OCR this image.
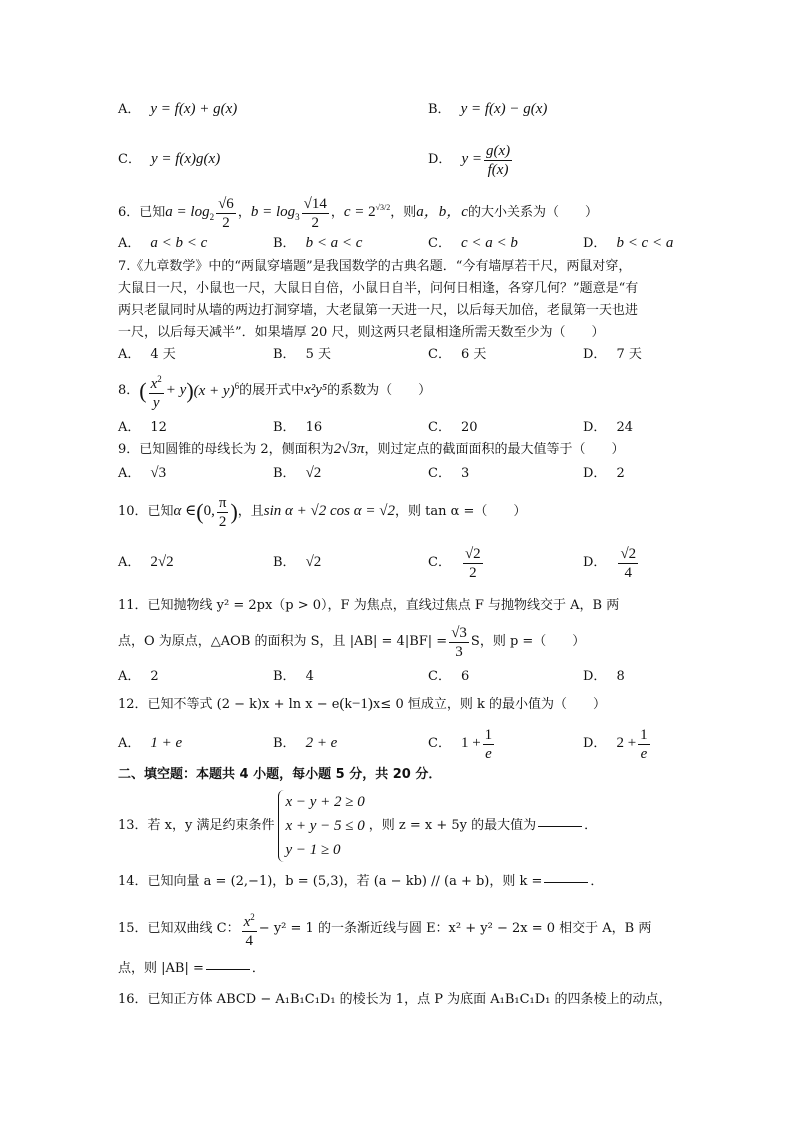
A． y = f(x) + g(x)	B． y = f(x) − g(x)
C． y = f(x)g(x)	D． $y = \frac{g(x)}{f(x)}$
6．已知 $a = \log_2 \frac{√6}{2}$ ， $b = \log_3 \frac{√14}{2}$ ， $c = 2^{√3/2}$ ，则 a，b，c 的大小关系为（　　）
A． a < b < c	B． b < a < c	C． c < a < b	D． b < c < a
7.《九章数学》中的“两鼠穿墙题”是我国数学的古典名题．“今有墙厚若干尺，两鼠对穿，
大鼠日一尺，小鼠也一尺，大鼠日自倍，小鼠日自半，问何日相逢，各穿几何？”题意是“有
两只老鼠同时从墙的两边打洞穿墙，大老鼠第一天进一尺，以后每天加倍，老鼠第一天也进
一尺，以后每天减半”．如果墙厚 20 尺，则这两只老鼠相逢所需天数至少为（　　）
A． 4 天	B． 5 天	C． 6 天	D． 7 天
8． ( $\frac{x^2}{y} + y$ ) $(x + y)^6$ 的展开式中 x²y⁵ 的系数为（　　）
A． 12	B． 16	C． 20	D． 24
9．已知圆锥的母线长为 2，侧面积为 2√3π ，则过定点的截面面积的最大值等于（　　）
A． √3	B． √2	C． 3	D． 2
10．已知 α ∈ ( 0, $\frac{\pi}{2}$ ) ，且 sin α + √2 cos α = √2 ，则 tan α =（　　）
A． 2√2	B． √2	C． $\frac{√2}{2}$	D． $\frac{√2}{4}$
11．已知抛物线 y² = 2px（p > 0），F 为焦点，直线过焦点 F 与抛物线交于 A，B 两
点，O 为原点，△AOB 的面积为 S，且 $|AB| = 4|BF| = \frac{√3}{3}$ S，则 p =（　　）
A． 2	B． 4	C． 6	D． 8
12．已知不等式 (2 − k)x + ln x − e (k−1)x ≤ 0 恒成立，则 k 的最小值为（　　）
A． 1 + e	B． 2 + e	C． $1 + \frac{1}{e}$	D． $2 + \frac{1}{e}$
二、填空题：本题共 4 小题，每小题 5 分，共 20 分．
13．若 x，y 满足约束条件
x − y + 2 ≥ 0
x + y − 5 ≤ 0
y − 1 ≥ 0
，则 z = x + 5y 的最大值为	．
14．已知向量 a = (2,−1)，b = (5,3)，若 (a − kb) // (a + b)，则 k =	．
15．已知双曲线 C： $\frac{x^2}{4} - y^2 = 1$ 的一条渐近线与圆 E：x² + y² − 2x = 0 相交于 A，B 两
点，则 |AB| =	．
16．已知正方体 ABCD − A₁B₁C₁D₁ 的棱长为 1，点 P 为底面 A₁B₁C₁D₁ 的四条棱上的动点，
